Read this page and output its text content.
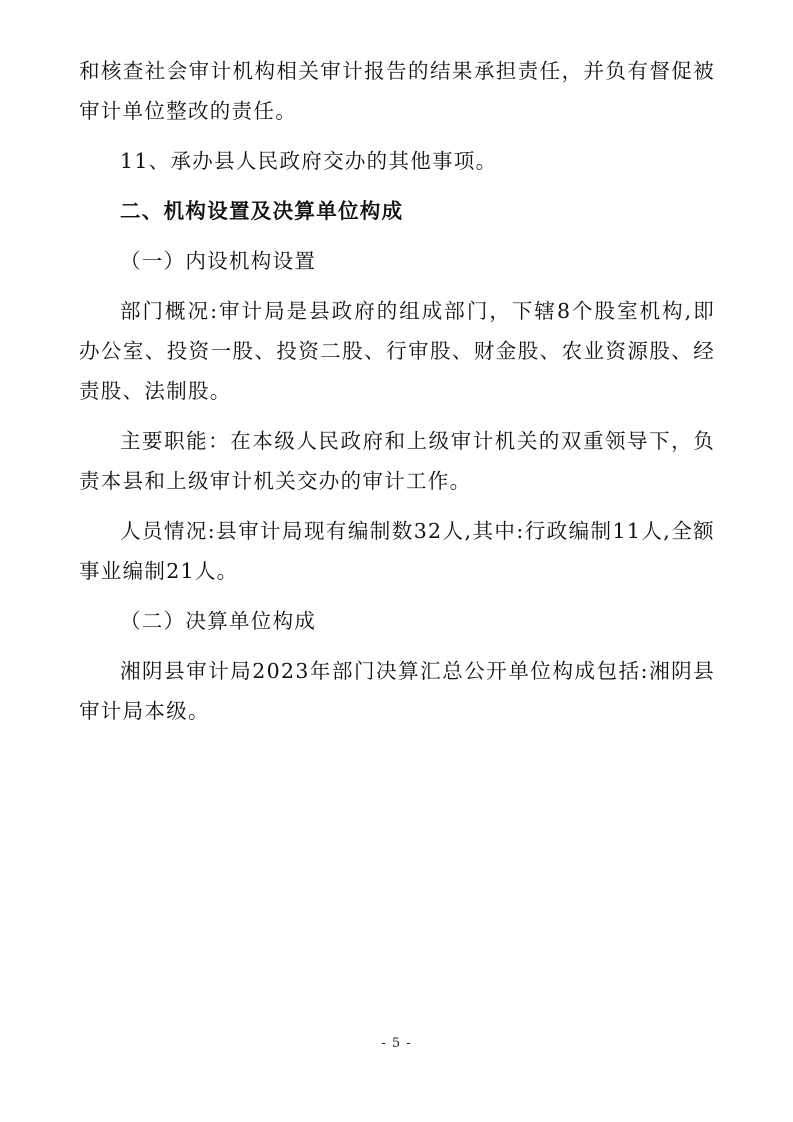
和核查社会审计机构相关审计报告的结果承担责任，并负有督促被审计单位整改的责任。

11、承办县人民政府交办的其他事项。

二、机构设置及决算单位构成

（一）内设机构设置

部门概况:审计局是县政府的组成部门，下辖8个股室机构,即办公室、投资一股、投资二股、行审股、财金股、农业资源股、经责股、法制股。

主要职能：在本级人民政府和上级审计机关的双重领导下，负责本县和上级审计机关交办的审计工作。

人员情况:县审计局现有编制数32人,其中:行政编制11人,全额事业编制21人。

（二）决算单位构成

湘阴县审计局2023年部门决算汇总公开单位构成包括:湘阴县审计局本级。

- 5 -
